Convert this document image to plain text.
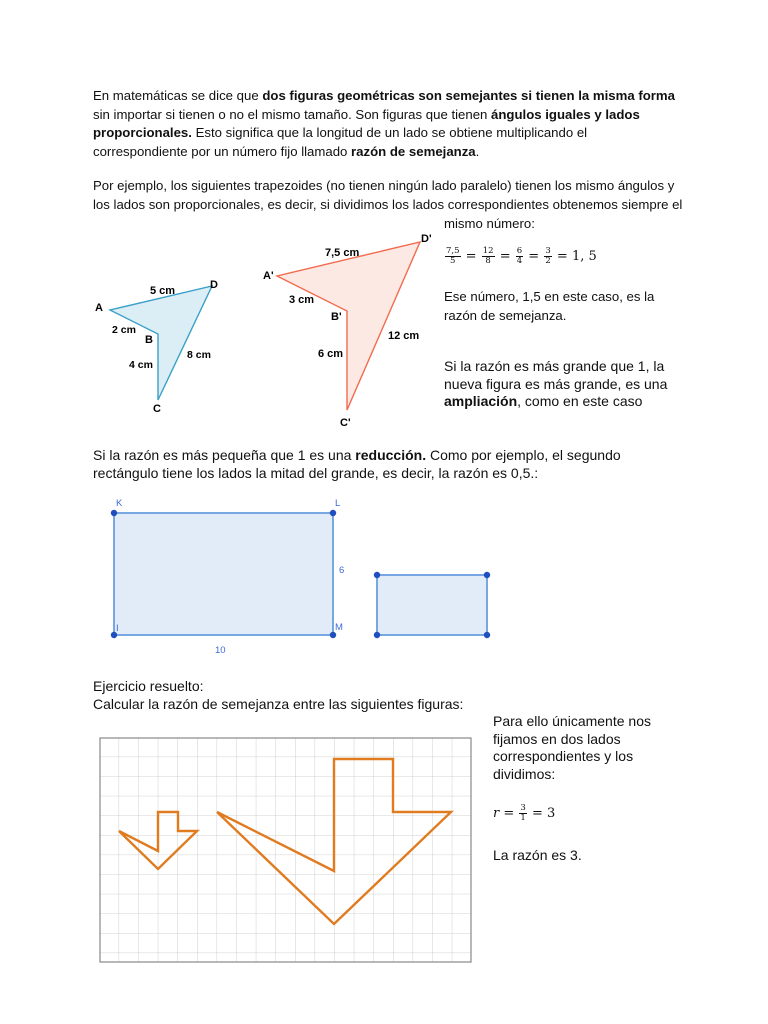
En matemáticas se dice que dos figuras geométricas son semejantes si tienen la misma forma sin importar si tienen o no el mismo tamaño. Son figuras que tienen ángulos iguales y lados proporcionales. Esto significa que la longitud de un lado se obtiene multiplicando el correspondiente por un número fijo llamado razón de semejanza.
Por ejemplo, los siguientes trapezoides (no tienen ningún lado paralelo) tienen los mismo ángulos y
los lados son proporcionales, es decir, si dividimos los lados correspondientes obtenemos siempre el
mismo número:
$\frac{7,5}{5} = \frac{12}{8} = \frac{6}{4} = \frac{3}{2} = 1$, 5
Ese número, 1,5 en este caso, es la razón de semejanza.
Si la razón es más grande que 1, la nueva figura es más grande, es una ampliación, como en este caso
A
B
C
D
5 cm
2 cm
4 cm
8 cm
A'
B'
C'
D'
7,5 cm
3 cm
6 cm
12 cm
Si la razón es más pequeña que 1 es una reducción. Como por ejemplo, el segundo rectángulo tiene los lados la mitad del grande, es decir, la razón es 0,5.:
K	L
M
I
6
10
Ejercicio resuelto:
Calcular la razón de semejanza entre las siguientes figuras:
Para ello únicamente nos fijamos en dos lados correspondientes y los dividimos:
$r = \frac{3}{1} = 3$
La razón es 3.
